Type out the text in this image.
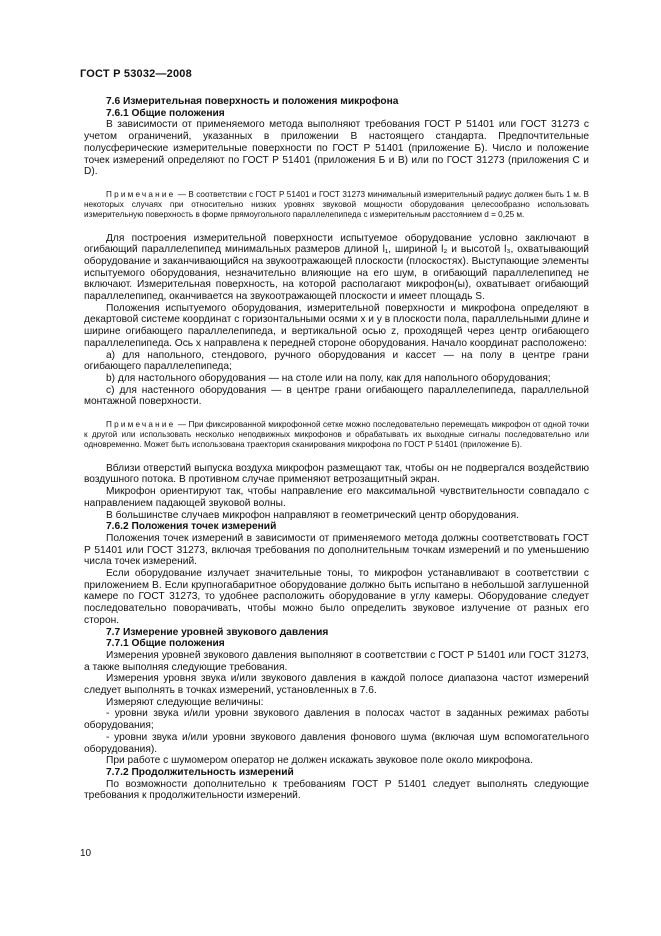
ГОСТ Р 53032—2008

7.6 Измерительная поверхность и положения микрофона

7.6.1 Общие положения

В зависимости от применяемого метода выполняют требования ГОСТ Р 51401 или ГОСТ 31273 с учетом ограничений, указанных в приложении В настоящего стандарта. Предпочтительные полусферические измерительные поверхности по ГОСТ Р 51401 (приложение Б). Число и положение точек измерений определяют по ГОСТ Р 51401 (приложения Б и В) или по ГОСТ 31273 (приложения С и D).

Примечание — В соответствии с ГОСТ Р 51401 и ГОСТ 31273 минимальный измерительный радиус должен быть 1 м. В некоторых случаях при относительно низких уровнях звуковой мощности оборудования целесообразно использовать измерительную поверхность в форме прямоугольного параллелепипеда с измерительным расстоянием d = 0,25 м.

Для построения измерительной поверхности испытуемое оборудование условно заключают в огибающий параллелепипед минимальных размеров длиной l₁, шириной l₂ и высотой l₃, охватывающий оборудование и заканчивающийся на звукоотражающей плоскости (плоскостях). Выступающие элементы испытуемого оборудования, незначительно влияющие на его шум, в огибающий параллелепипед не включают. Измерительная поверхность, на которой располагают микрофон(ы), охватывает огибающий параллелепипед, оканчивается на звукоотражающей плоскости и имеет площадь S.

Положения испытуемого оборудования, измерительной поверхности и микрофона определяют в декартовой системе координат с горизонтальными осями x и y в плоскости пола, параллельными длине и ширине огибающего параллелепипеда, и вертикальной осью z, проходящей через центр огибающего параллелепипеда. Ось x направлена к передней стороне оборудования. Начало координат расположено:

а) для напольного, стендового, ручного оборудования и кассет — на полу в центре грани огибающего параллелепипеда;

b) для настольного оборудования — на столе или на полу, как для напольного оборудования;

c) для настенного оборудования — в центре грани огибающего параллелепипеда, параллельной монтажной поверхности.

Примечание — При фиксированной микрофонной сетке можно последовательно перемещать микрофон от одной точки к другой или использовать несколько неподвижных микрофонов и обрабатывать их выходные сигналы последовательно или одновременно. Может быть использована траектория сканирования микрофона по ГОСТ Р 51401 (приложение Б).

Вблизи отверстий выпуска воздуха микрофон размещают так, чтобы он не подвергался воздействию воздушного потока. В противном случае применяют ветрозащитный экран.

Микрофон ориентируют так, чтобы направление его максимальной чувствительности совпадало с направлением падающей звуковой волны.

В большинстве случаев микрофон направляют в геометрический центр оборудования.

7.6.2 Положения точек измерений

Положения точек измерений в зависимости от применяемого метода должны соответствовать ГОСТ Р 51401 или ГОСТ 31273, включая требования по дополнительным точкам измерений и по уменьшению числа точек измерений.

Если оборудование излучает значительные тоны, то микрофон устанавливают в соответствии с приложением В. Если крупногабаритное оборудование должно быть испытано в небольшой заглушенной камере по ГОСТ 31273, то удобнее расположить оборудование в углу камеры. Оборудование следует последовательно поворачивать, чтобы можно было определить звуковое излучение от разных его сторон.

7.7 Измерение уровней звукового давления

7.7.1 Общие положения

Измерения уровней звукового давления выполняют в соответствии с ГОСТ Р 51401 или ГОСТ 31273, а также выполняя следующие требования.

Измерения уровня звука и/или звукового давления в каждой полосе диапазона частот измерений следует выполнять в точках измерений, установленных в 7.6.

Измеряют следующие величины:

- уровни звука и/или уровни звукового давления в полосах частот в заданных режимах работы оборудования;

- уровни звука и/или уровни звукового давления фонового шума (включая шум вспомогательного оборудования).

При работе с шумомером оператор не должен искажать звуковое поле около микрофона.

7.7.2 Продолжительность измерений

По возможности дополнительно к требованиям ГОСТ Р 51401 следует выполнять следующие требования к продолжительности измерений.

10
